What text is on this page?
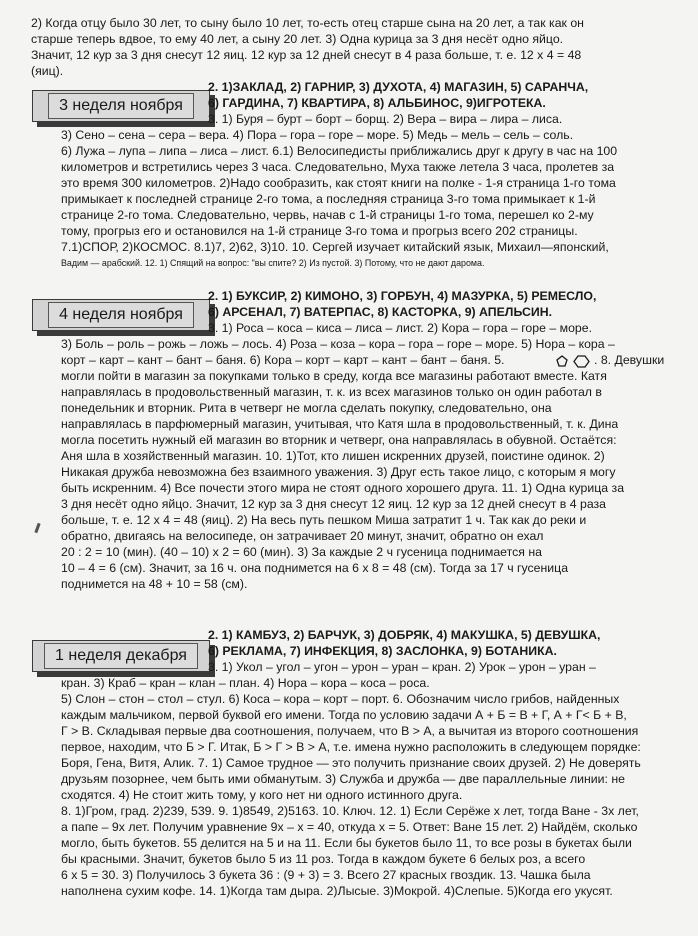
3 неделя ноября
4 неделя ноября
1 неделя декабря

2) Когда отцу было 30 лет, то сыну было 10 лет, то-есть отец старше сына на 20 лет, а так как он

старше теперь вдвое, то ему 40 лет, а сыну 20 лет. 3) Одна курица за 3 дня несёт одно яйцо.

Значит, 12 кур за 3 дня снесут 12 яиц. 12 кур за 12 дней снесут в 4 раза больше, т. е. 12 х 4 = 48

(яиц).

2. 1)ЗАКЛАД, 2) ГАРНИР, 3) ДУХОТА, 4) МАГАЗИН, 5) САРАНЧА,

6) ГАРДИНА, 7) КВАРТИРА, 8) АЛЬБИНОС, 9)ИГРОТЕКА.

3. 1) Буря – бурт – борт – борщ. 2) Вера – вира – лира – лиса.

3) Сено – сена – сера – вера. 4) Пора – гора – горе – море. 5) Медь – мель – сель – соль.

6) Лужа – лупа – липа – лиса – лист. 6.1) Велосипедисты приближались друг к другу в час на 100

километров и встретились через 3 часа. Следовательно, Муха также летела 3 часа, пролетев за

это время 300 километров. 2)Надо сообразить, как стоят книги на полке - 1-я страница 1-го тома

примыкает к последней странице 2-го тома, а последняя страница 3-го тома примыкает к 1-й

странице 2-го тома. Следовательно, червь, начав с 1-й страницы 1-го тома, перешел ко 2-му

тому, прогрыз его и остановился на 1-й странице 3-го тома и прогрыз всего 202 страницы.

7.1)СПОР, 2)КОСМОС. 8.1)7, 2)62, 3)10. 10. Сергей изучает китайский язык, Михаил—японский,

Вадим — арабский. 12. 1) Спящий на вопрос: "вы спите? 2) Из пустой. 3) Потому, что не дают дарома.

2. 1) БУКСИР, 2) КИМОНО, 3) ГОРБУН, 4) МАЗУРКА, 5) РЕМЕСЛО,

6) АРСЕНАЛ, 7) ВАТЕРПАС, 8) КАСТОРКА, 9) АПЕЛЬСИН.

3. 1) Роса – коса – киса – лиса – лист. 2) Кора – гора – горе – море.

3) Боль – роль – рожь – ложь – лось. 4) Роза – коза – кора – гора – горе – море. 5) Нора – кора –

корт – карт – кант – бант – баня. 6) Кора – корт – карт – кант – бант – баня. 5.	. 8. Девушки

могли пойти в магазин за покупками только в среду, когда все магазины работают вместе. Катя

направлялась в продовольственный магазин, т. к. из всех магазинов только он один работал в

понедельник и вторник. Рита в четверг не могла сделать покупку, следовательно, она

направлялась в парфюмерный магазин, учитывая, что Катя шла в продовольственный, т. к. Дина

могла посетить нужный ей магазин во вторник и четверг, она направлялась в обувной. Остаётся:

Аня шла в хозяйственный магазин. 10. 1)Тот, кто лишен искренних друзей, поистине одинок. 2)

Никакая дружба невозможна без взаимного уважения. 3) Друг есть такое лицо, с которым я могу

быть искренним. 4) Все почести этого мира не стоят одного хорошего друга. 11. 1) Одна курица за

3 дня несёт одно яйцо. Значит, 12 кур за 3 дня снесут 12 яиц. 12 кур за 12 дней снесут в 4 раза

больше, т. е. 12 х 4 = 48 (яиц). 2) На весь путь пешком Миша затратит 1 ч. Так как до реки и

обратно, двигаясь на велосипеде, он затрачивает 20 минут, значит, обратно он ехал

20 : 2 = 10 (мин). (40 – 10) х 2 = 60 (мин). 3) За каждые 2 ч гусеница поднимается на

10 – 4 = 6 (см). Значит, за 16 ч. она поднимется на 6 х 8 = 48 (см). Тогда за 17 ч гусеница

поднимется на 48 + 10 = 58 (см).

2. 1) КАМБУЗ, 2) БАРЧУК, 3) ДОБРЯК, 4) МАКУШКА, 5) ДЕВУШКА,

6) РЕКЛАМА, 7) ИНФЕКЦИЯ, 8) ЗАСЛОНКА, 9) БОТАНИКА.

3. 1) Укол – угол – угон – урон – уран – кран. 2) Урок – урон – уран –

кран. 3) Краб – кран – клан – план. 4) Нора – кора – коса – роса.

5) Слон – стон – стол – стул. 6) Коса – кора – корт – порт. 6. Обозначим число грибов, найденных

каждым мальчиком, первой буквой его имени. Тогда по условию задачи А + Б = В + Г, А + Г< Б + В,

Г > В. Складывая первые два соотношения, получаем, что В > А, а вычитая из второго соотношения

первое, находим, что Б > Г. Итак, Б > Г > В > А, т.е. имена нужно расположить в следующем порядке:

Боря, Гена, Витя, Алик. 7. 1) Самое трудное — это получить признание своих друзей. 2) Не доверять

друзьям позорнее, чем быть ими обманутым. 3) Служба и дружба — две параллельные линии: не

сходятся. 4) Не стоит жить тому, у кого нет ни одного истинного друга.

8. 1)Гром, град. 2)239, 539. 9. 1)8549, 2)5163. 10. Ключ. 12. 1) Если Серёже х лет, тогда Ване - 3х лет,

а папе – 9х лет. Получим уравнение 9х – х = 40, откуда х = 5. Ответ: Ване 15 лет. 2) Найдём, сколько

могло, быть букетов. 55 делится на 5 и на 11. Если бы букетов было 11, то все розы в букетах были

бы красными. Значит, букетов было 5 из 11 роз. Тогда в каждом букете 6 белых роз, а всего

6 х 5 = 30. 3) Получилось 3 букета 36 : (9 + 3) = 3. Всего 27 красных гвоздик. 13. Чашка была

наполнена сухим кофе. 14. 1)Когда там дыра. 2)Лысые. 3)Мокрой. 4)Слепые. 5)Когда его укусят.
